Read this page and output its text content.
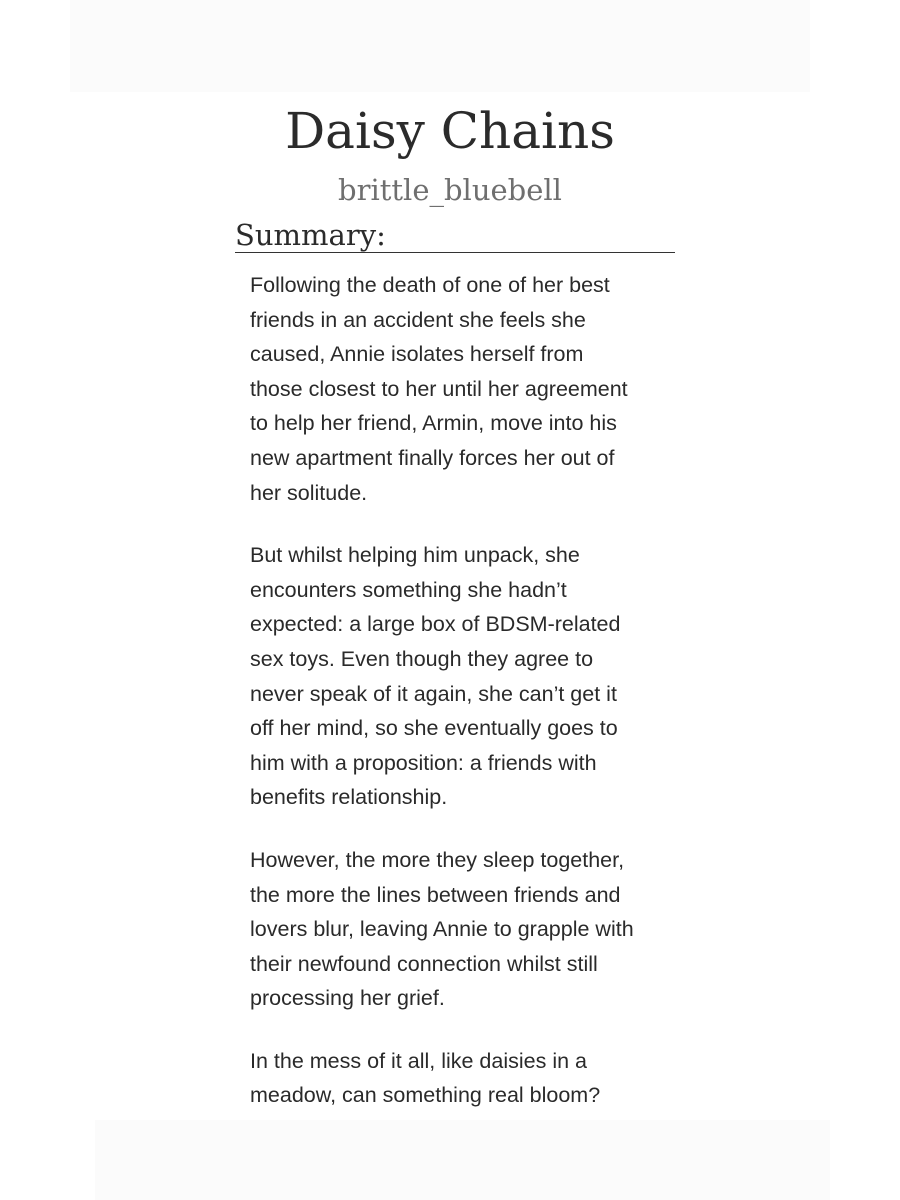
Daisy Chains
brittle_bluebell
Summary:

Following the death of one of her best
friends in an accident she feels she
caused, Annie isolates herself from
those closest to her until her agreement
to help her friend, Armin, move into his
new apartment finally forces her out of
her solitude.

But whilst helping him unpack, she
encounters something she hadn’t
expected: a large box of BDSM-related
sex toys. Even though they agree to
never speak of it again, she can’t get it
off her mind, so she eventually goes to
him with a proposition: a friends with
benefits relationship.

However, the more they sleep together,
the more the lines between friends and
lovers blur, leaving Annie to grapple with
their newfound connection whilst still
processing her grief.

In the mess of it all, like daisies in a
meadow, can something real bloom?
